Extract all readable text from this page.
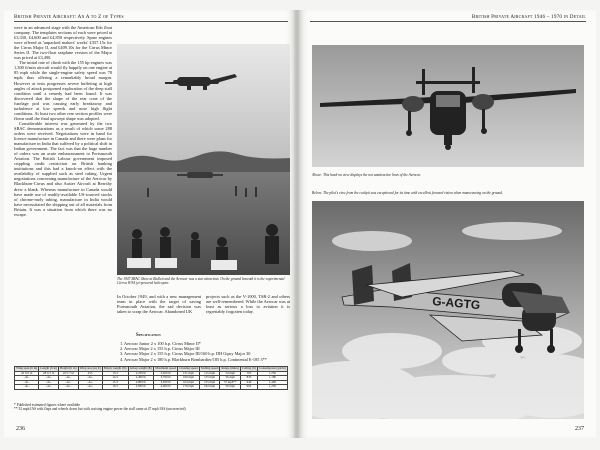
British Private Aircraft: An A to Z of Types

were in an advanced stage with the American Edo float company. The templates sections of each were priced at £3,330, £4,600 and £4,850 respectively. Spare engines were offered as 'unpacked makers' works' £357.15s for the Cirrus Major II, and £409.10s for the Cirrus Minor Series II. The two-float seaplane version of the Major was priced at £3,490.

The initial rate of climb with the 155 hp engines was 1,300 ft/min aircraft would fly happily on one engine at 85 mph while the single-engine safety speed was 78 mph; thus offering a remarkably broad margin. However at tests progresses severe buffeting at high angles of attack postponed exploration of the deep stall condition until a remedy had been found. It was discovered that the shape of the rear cone of the fuselage pod was causing early breakaway and turbulence at low speeds and nose high flight conditions. At least two other rear section profiles were flown until the final upswept shape was adopted.

Considerable interest was generated by the two SBAC demonstrations as a result of which some 288 orders were received. Negotiations were in hand for licence manufacture in Canada and there were plans for manufacture in India that suffered by a political shift in Indian government. The fact was that the huge number of orders was an acute embarrassment to Portsmouth Aviation. The British Labour government imposed crippling credit restriction on British banking institutions and this had a knock-on effect with the availability of supplied such as steel tubing. Urgent negotiations concerning manufacture of the Aerocar by Blackburn-Cirrus and also Auster Aircraft at Rearsby drew a blank. Whereas manufacture in Canada would have made use of readily-available US-sourced stocks of chrome-moly tubing, manufacture in India would have necessitated the shipping out of all materials from Britain. It was a situation from which there was no escape.

The 1947 SBAC Show at Radlett and the Aerocar was a star attraction. On the ground beneath it is the experimental Cierva W.9A jet-powered helicopter.

In October 1949, and with a new management team in place with the target of saving Portsmouth Aviation, the sad decision was taken to scrap the Aerocar. Abandoned UK

projects such as the V-1000, TSR-2 and others are well-remembered. While the Aerocar was at least as serious a loss to aviation it is regrettably forgotten today.

Specification
1. Aerocar Junior 2 x 100 h.p. Cirrus Minor II*
2. Aerocar Major 2 x 155 h.p. Cirrus Major III
3. Aerocar Major 2 x 155 h.p. Cirrus Major III/160 h.p. DH Gipsy Major 30
4. Aerocar Major 2 x 180 h.p. Blackburn Bombardier/185 h.p. Continental E-185 3**
Wing span (ft in)	Length (ft in)	Height (ft in)	Wing area (sq ft)	Empty weight (lb)	All-up weight (lb)	Maximum speed	Cruising speed	Stalling speed	Range (miles)	Ceiling (ft)	Consumption (gal/hr)
42 ft 0 in	28 ft 5 in	10 ft 7 in	255	13.3	2,250 lb	3,650 lb	131 mph	115 mph	54 mph	765	1,250
–do–	–do–	–do–	–do–	14.3	2,400 lb	3,700 lb	160 mph	135 mph	56 mph	835	1,180
–do–	–do–	–do–	–do–	15.3	2,800 lb	3,950 lb	164 mph	155 mph	57 mph**	649	1,400
–do–	–do–	–do–	–do–	16.3	2,830 lb	4,000 lb	176 mph	162 mph	59 mph	962	1,250
* Published estimated figures where available
** 52 mph IAS with flaps and wheels down but with cruising engine power the stall came at 47 mph IAS (uncorrected)
236
British Private Aircraft 1946 – 1970 in Detail
Above: This head-on view displays the not unattractive lines of the Aerocar.
Below: The pilot's view from the cockpit was exceptional for its time with excellent forward vision when manoeuvring on the ground.
G-AGTG
237
